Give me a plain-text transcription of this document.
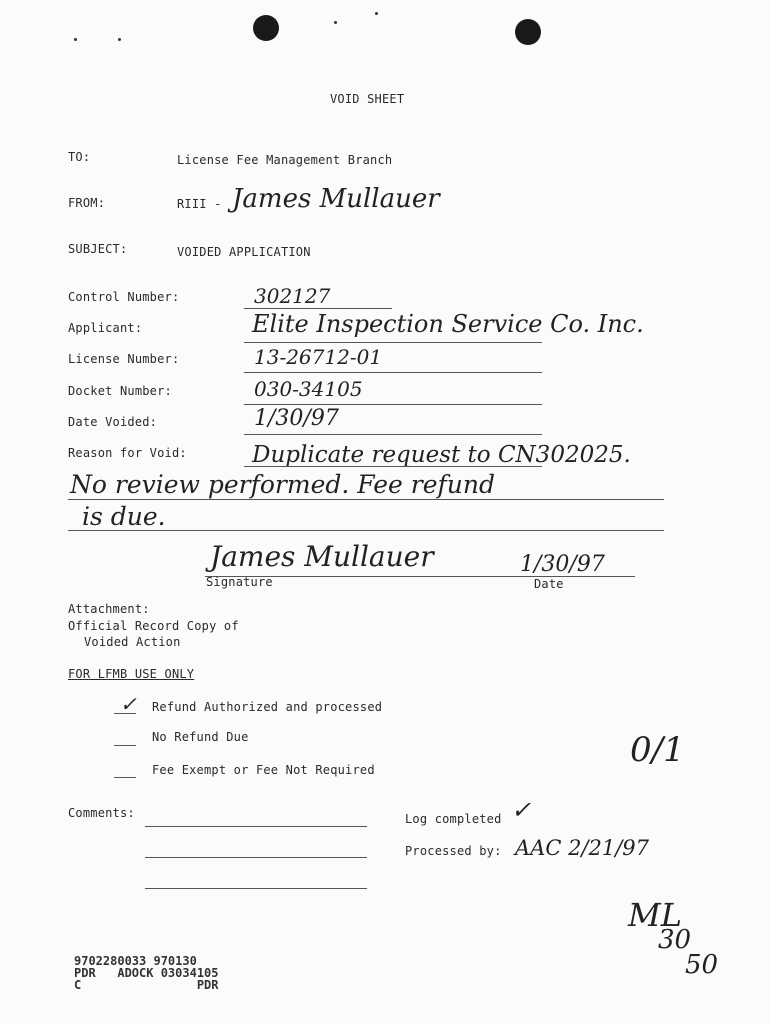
VOID SHEET
TO:	License Fee Management Branch
FROM:	RIII - James Mullauer
SUBJECT:	VOIDED APPLICATION
Control Number:	302127
Applicant:	Elite Inspection Service Co. Inc.
License Number:	13-26712-01
Docket Number:	030-34105
Date Voided:	1/30/97
Reason for Void:	Duplicate request to CN302025.
No review performed. Fee refund
is due.
James Mullauer	1/30/97
Signature	Date
Attachment:
Official Record Copy of
Voided Action
FOR LFMB USE ONLY
✓ Refund Authorized and processed
No Refund Due
Fee Exempt or Fee Not Required	0/1
Comments:	Log completed ✓
Processed by: AAC 2/21/97
ML
30
50
9702280033 970130
PDR   ADOCK 03034105
C                PDR
